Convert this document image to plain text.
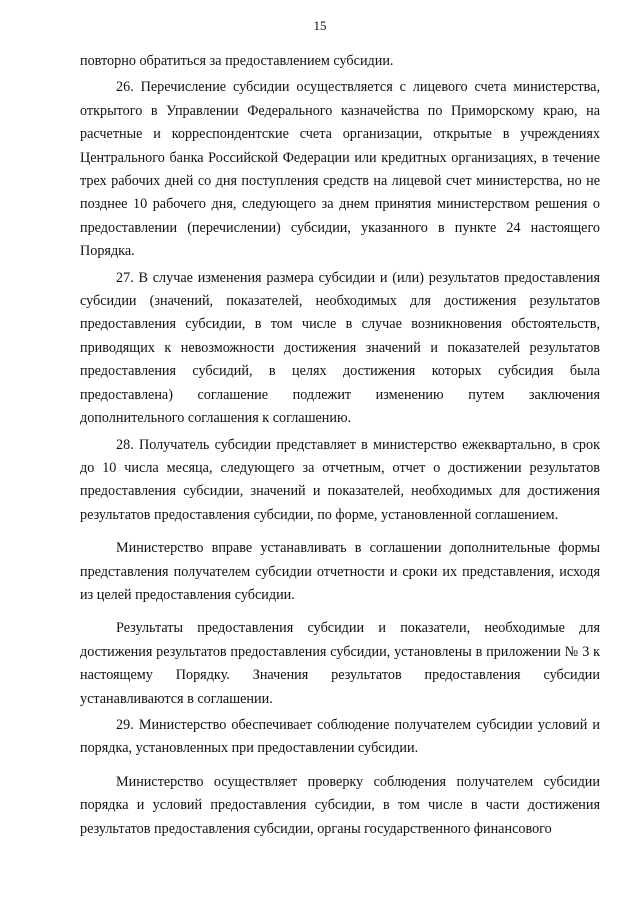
15

повторно обратиться за предоставлением субсидии.

26. Перечисление субсидии осуществляется с лицевого счета министерства, открытого в Управлении Федерального казначейства по Приморскому краю, на расчетные и корреспондентские счета организации, открытые в учреждениях Центрального банка Российской Федерации или кредитных организациях, в течение трех рабочих дней со дня поступления средств на лицевой счет министерства, но не позднее 10 рабочего дня, следующего за днем принятия министерством решения о предоставлении (перечислении) субсидии, указанного в пункте 24 настоящего Порядка.

27. В случае изменения размера субсидии и (или) результатов предоставления субсидии (значений, показателей, необходимых для достижения результатов предоставления субсидии, в том числе в случае возникновения обстоятельств, приводящих к невозможности достижения значений и показателей результатов предоставления субсидий, в целях достижения которых субсидия была предоставлена) соглашение подлежит изменению путем заключения дополнительного соглашения к соглашению.

28. Получатель субсидии представляет в министерство ежеквартально, в срок до 10 числа месяца, следующего за отчетным, отчет о достижении результатов предоставления субсидии, значений и показателей, необходимых для достижения результатов предоставления субсидии, по форме, установленной соглашением.

Министерство вправе устанавливать в соглашении дополнительные формы представления получателем субсидии отчетности и сроки их представления, исходя из целей предоставления субсидии.

Результаты предоставления субсидии и показатели, необходимые для достижения результатов предоставления субсидии, установлены в приложении № 3 к настоящему Порядку. Значения результатов предоставления субсидии устанавливаются в соглашении.

29. Министерство обеспечивает соблюдение получателем субсидии условий и порядка, установленных при предоставлении субсидии.

Министерство осуществляет проверку соблюдения получателем субсидии порядка и условий предоставления субсидии, в том числе в части достижения результатов предоставления субсидии, органы государственного финансового
